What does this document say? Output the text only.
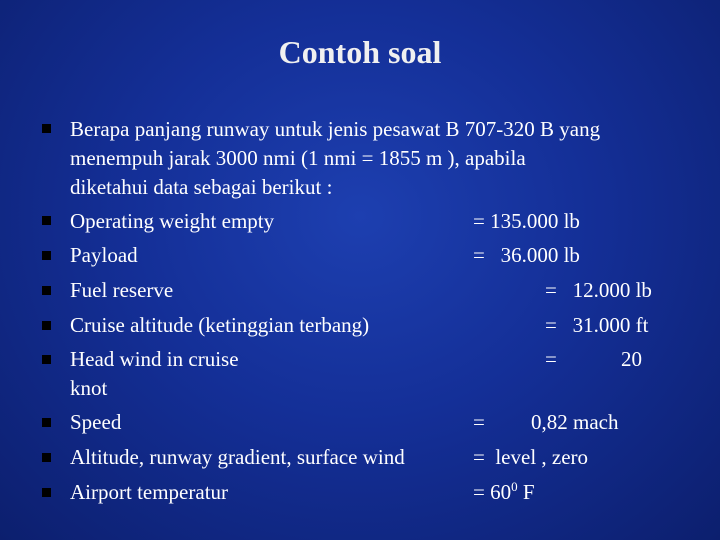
Contoh soal
Berapa panjang runway untuk jenis pesawat B 707-320 B yang
menempuh jarak 3000 nmi (1 nmi = 1855 m ), apabila
diketahui data sebagai berikut :
Operating weight empty	= 135.000 lb
Payload	=   36.000 lb
Fuel reserve	=   12.000 lb
Cruise altitude (ketinggian terbang)	=   31.000 ft
Head wind in cruise	=	20
knot
Speed	= 0,82 mach
Altitude, runway gradient, surface wind	=  level , zero
Airport temperatur	= $60^0$ F
